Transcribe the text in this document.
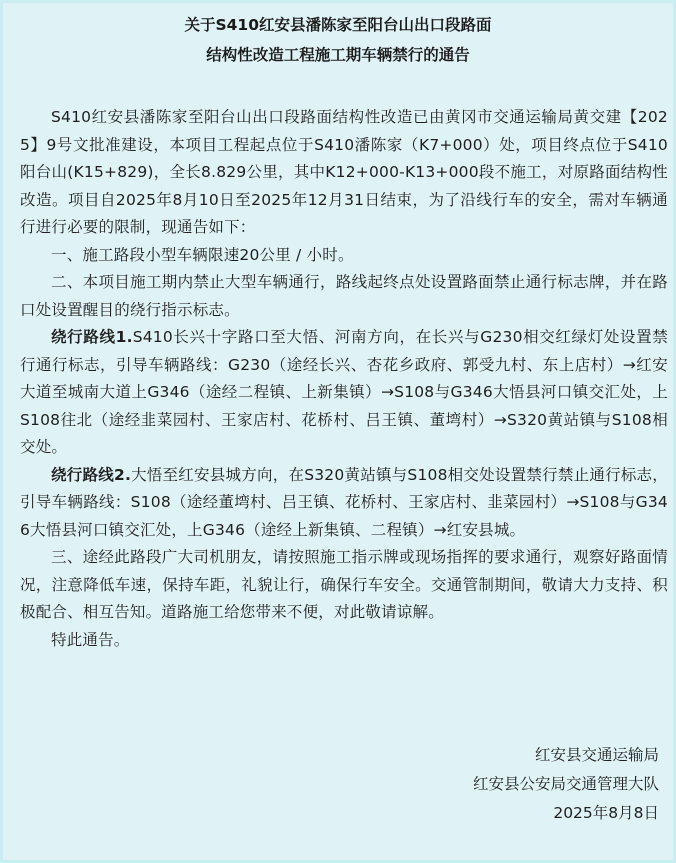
关于S410红安县潘陈家至阳台山出口段路面
结构性改造工程施工期车辆禁行的通告

S410红安县潘陈家至阳台山出口段路面结构性改造已由黄冈市交通运输局黄交建【2025】9号文批准建设，本项目工程起点位于S410潘陈家（K7+000）处，项目终点位于S410阳台山(K15+829)，全长8.829公里，其中K12+000-K13+000段不施工，对原路面结构性改造。项目自2025年8月10日至2025年12月31日结束，为了沿线行车的安全，需对车辆通行进行必要的限制，现通告如下：

一、施工路段小型车辆限速20公里 / 小时。

二、本项目施工期内禁止大型车辆通行，路线起终点处设置路面禁止通行标志牌，并在路口处设置醒目的绕行指示标志。

绕行路线1.S410长兴十字路口至大悟、河南方向，在长兴与G230相交红绿灯处设置禁行通行标志，引导车辆路线：G230（途经长兴、杏花乡政府、郭受九村、东上店村）→红安大道至城南大道上G346（途经二程镇、上新集镇）→S108与G346大悟县河口镇交汇处，上S108往北（途经韭菜园村、王家店村、花桥村、吕王镇、董塆村）→S320黄站镇与S108相交处。

绕行路线2.大悟至红安县城方向，在S320黄站镇与S108相交处设置禁行禁止通行标志，引导车辆路线：S108（途经董塆村、吕王镇、花桥村、王家店村、韭菜园村）→S108与G346大悟县河口镇交汇处，上G346（途经上新集镇、二程镇）→红安县城。

三、途经此路段广大司机朋友，请按照施工指示牌或现场指挥的要求通行，观察好路面情况，注意降低车速，保持车距，礼貌让行，确保行车安全。交通管制期间，敬请大力支持、积极配合、相互告知。道路施工给您带来不便，对此敬请谅解。

特此通告。

红安县交通运输局
红安县公安局交通管理大队
2025年8月8日
